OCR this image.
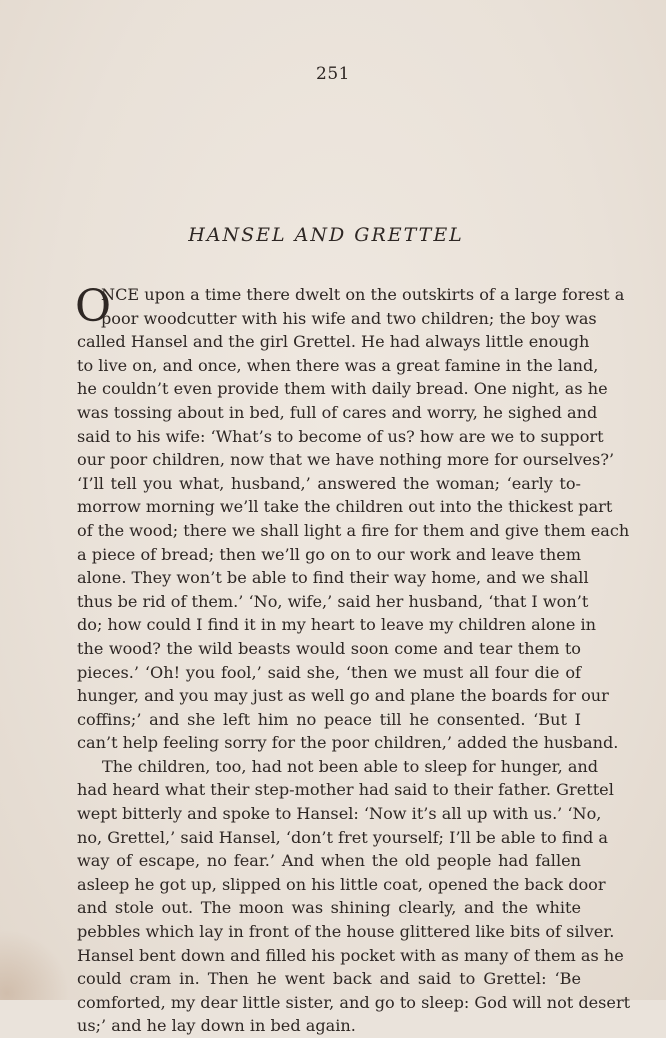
251
HANSEL AND GRETTEL
O
NCE upon a time there dwelt on the outskirts of a large forest a
poor woodcutter with his wife and two children; the boy was
called Hansel and the girl Grettel. He had always little enough
to live on, and once, when there was a great famine in the land,
he couldn’t even provide them with daily bread. One night, as he
was tossing about in bed, full of cares and worry, he sighed and
said to his wife: ‘What’s to become of us? how are we to support
our poor children, now that we have nothing more for ourselves?’
‘I’ll tell you what, husband,’ answered the woman; ‘early to-
morrow morning we’ll take the children out into the thickest part
of the wood; there we shall light a fire for them and give them each
a piece of bread; then we’ll go on to our work and leave them
alone. They won’t be able to find their way home, and we shall
thus be rid of them.’ ‘No, wife,’ said her husband, ‘that I won’t
do; how could I find it in my heart to leave my children alone in
the wood? the wild beasts would soon come and tear them to
pieces.’ ‘Oh! you fool,’ said she, ‘then we must all four die of
hunger, and you may just as well go and plane the boards for our
coffins;’ and she left him no peace till he consented. ‘But I
can’t help feeling sorry for the poor children,’ added the husband.
The children, too, had not been able to sleep for hunger, and
had heard what their step-mother had said to their father. Grettel
wept bitterly and spoke to Hansel: ‘Now it’s all up with us.’ ‘No,
no, Grettel,’ said Hansel, ‘don’t fret yourself; I’ll be able to find a
way of escape, no fear.’ And when the old people had fallen
asleep he got up, slipped on his little coat, opened the back door
and stole out. The moon was shining clearly, and the white
pebbles which lay in front of the house glittered like bits of silver.
Hansel bent down and filled his pocket with as many of them as he
could cram in. Then he went back and said to Grettel: ‘Be
comforted, my dear little sister, and go to sleep: God will not desert
us;’ and he lay down in bed again.
